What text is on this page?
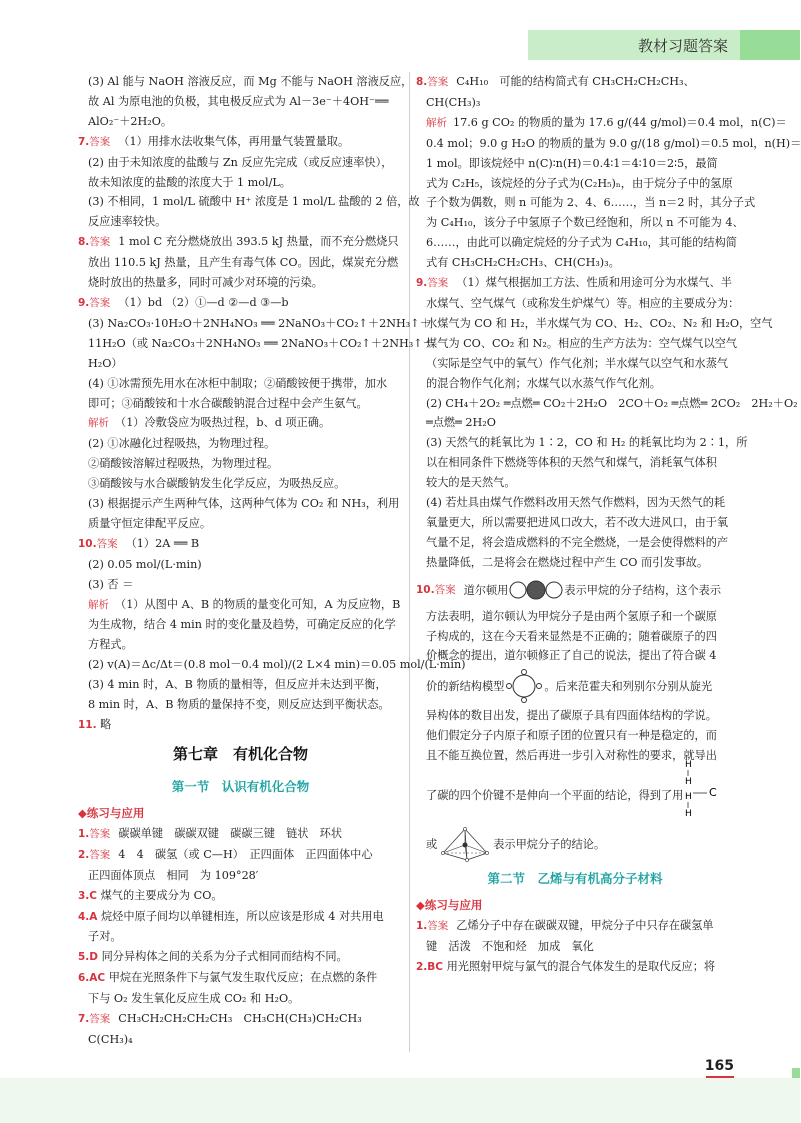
教材习题答案
(3) Al 能与 NaOH 溶液反应，而 Mg 不能与 NaOH 溶液反应，
故 Al 为原电池的负极，其电极反应式为 Al－3e⁻＋4OH⁻══
AlO₂⁻＋2H₂O。
7.答案 （1）用排水法收集气体，再用量气装置量取。
(2) 由于未知浓度的盐酸与 Zn 反应先完成（或反应速率快），
故未知浓度的盐酸的浓度大于 1 mol/L。
(3) 不相同，1 mol/L 硫酸中 H⁺ 浓度是 1 mol/L 盐酸的 2 倍，故
反应速率较快。
8.答案 1 mol C 充分燃烧放出 393.5 kJ 热量，而不充分燃烧只
放出 110.5 kJ 热量，且产生有毒气体 CO。因此，煤炭充分燃
烧时放出的热量多，同时可减少对环境的污染。
9.答案 （1）bd （2）①—d ②—d ③—b
(3) Na₂CO₃·10H₂O＋2NH₄NO₃ ══ 2NaNO₃＋CO₂↑＋2NH₃↑＋
11H₂O（或 Na₂CO₃＋2NH₄NO₃ ══ 2NaNO₃＋CO₂↑＋2NH₃↑＋
H₂O）
(4) ①冰需预先用水在冰柜中制取；②硝酸铵便于携带，加水
即可；③硝酸铵和十水合碳酸钠混合过程中会产生氨气。
解析 （1）冷敷袋应为吸热过程，b、d 项正确。
(2) ①冰融化过程吸热，为物理过程。
②硝酸铵溶解过程吸热，为物理过程。
③硝酸铵与水合碳酸钠发生化学反应，为吸热反应。
(3) 根据提示产生两种气体，这两种气体为 CO₂ 和 NH₃，利用
质量守恒定律配平反应。
10.答案 （1）2A ══ B
(2) 0.05 mol/(L·min)
(3) 否 ＝
解析 （1）从图中 A、B 的物质的量变化可知，A 为反应物，B
为生成物，结合 4 min 时的变化量及趋势，可确定反应的化学
方程式。
(2) v(A)＝Δc/Δt＝(0.8 mol－0.4 mol)/(2 L×4 min)＝0.05 mol/(L·min)
(3) 4 min 时，A、B 物质的量相等，但反应并未达到平衡，
8 min 时，A、B 物质的量保持不变，则反应达到平衡状态。
11. 略
第七章　有机化合物
第一节　认识有机化合物
◆练习与应用
1.答案 碳碳单键　碳碳双键　碳碳三键　链状　环状
2.答案 4　4　碳氢（或 C—H）　正四面体　正四面体中心
正四面体顶点　相同　为 109°28′
3.C 煤气的主要成分为 CO。
4.A 烷烃中原子间均以单键相连，所以应该是形成 4 对共用电
子对。
5.D 同分异构体之间的关系为分子式相同而结构不同。
6.AC 甲烷在光照条件下与氯气发生取代反应；在点燃的条件
下与 O₂ 发生氧化反应生成 CO₂ 和 H₂O。
7.答案 CH₃CH₂CH₂CH₂CH₃　CH₃CH(CH₃)CH₂CH₃
C(CH₃)₄
8.答案 C₄H₁₀　可能的结构简式有 CH₃CH₂CH₂CH₃、
CH(CH₃)₃
解析 17.6 g CO₂ 的物质的量为 17.6 g/(44 g/mol)＝0.4 mol，n(C)＝
0.4 mol；9.0 g H₂O 的物质的量为 9.0 g/(18 g/mol)＝0.5 mol，n(H)＝
1 mol。即该烷烃中 n(C)∶n(H)＝0.4∶1＝4∶10＝2∶5，最简
式为 C₂H₅，该烷烃的分子式为(C₂H₅)ₙ，由于烷分子中的氢原
子个数为偶数，则 n 可能为 2、4、6……，当 n＝2 时，其分子式
为 C₄H₁₀，该分子中氢原子个数已经饱和，所以 n 不可能为 4、
6……，由此可以确定烷烃的分子式为 C₄H₁₀，其可能的结构简
式有 CH₃CH₂CH₂CH₃、CH(CH₃)₃。
9.答案 （1）煤气根据加工方法、性质和用途可分为水煤气、半
水煤气、空气煤气（或称发生炉煤气）等。相应的主要成分为：
水煤气为 CO 和 H₂，半水煤气为 CO、H₂、CO₂、N₂ 和 H₂O，空气
煤气为 CO、CO₂ 和 N₂。相应的生产方法为：空气煤气以空气
（实际是空气中的氧气）作气化剂；半水煤气以空气和水蒸气
的混合物作气化剂；水煤气以水蒸气作气化剂。
(2) CH₄＋2O₂ ═点燃═ CO₂＋2H₂O　2CO＋O₂ ═点燃═ 2CO₂　2H₂＋O₂
═点燃═ 2H₂O
(3) 天然气的耗氧比为 1∶2，CO 和 H₂ 的耗氧比均为 2∶1，所
以在相同条件下燃烧等体积的天然气和煤气，消耗氧气体积
较大的是天然气。
(4) 若灶具由煤气作燃料改用天然气作燃料，因为天然气的耗
氧量更大，所以需要把进风口改大，若不改大进风口，由于氧
气量不足，将会造成燃料的不完全燃烧，一是会使得燃料的产
热量降低，二是将会在燃烧过程中产生 CO 而引发事故。
10. 答案 道尔顿用	表示甲烷的分子结构，这个表示
方法表明，道尔顿认为甲烷分子是由两个氢原子和一个碳原
子构成的，这在今天看来显然是不正确的；随着碳原子的四
价概念的提出，道尔顿修正了自己的说法，提出了符合碳 4
价的新结构模型	。后来范霍夫和列别尔分别从旋光
异构体的数目出发，提出了碳原子具有四面体结构的学说。
他们假定分子内原子和原子团的位置只有一种是稳定的，而
且不能互换位置，然后再进一步引入对称性的要求，就导出
了碳的四个价键不是伸向一个平面的结论，得到了用
H
H
H
H
C
或	表示甲烷分子的结论。
第二节　乙烯与有机高分子材料
◆练习与应用
1.答案 乙烯分子中存在碳碳双键，甲烷分子中只存在碳氢单
键　活泼　不饱和烃　加成　氧化
2.BC 用光照射甲烷与氯气的混合气体发生的是取代反应；将
165
